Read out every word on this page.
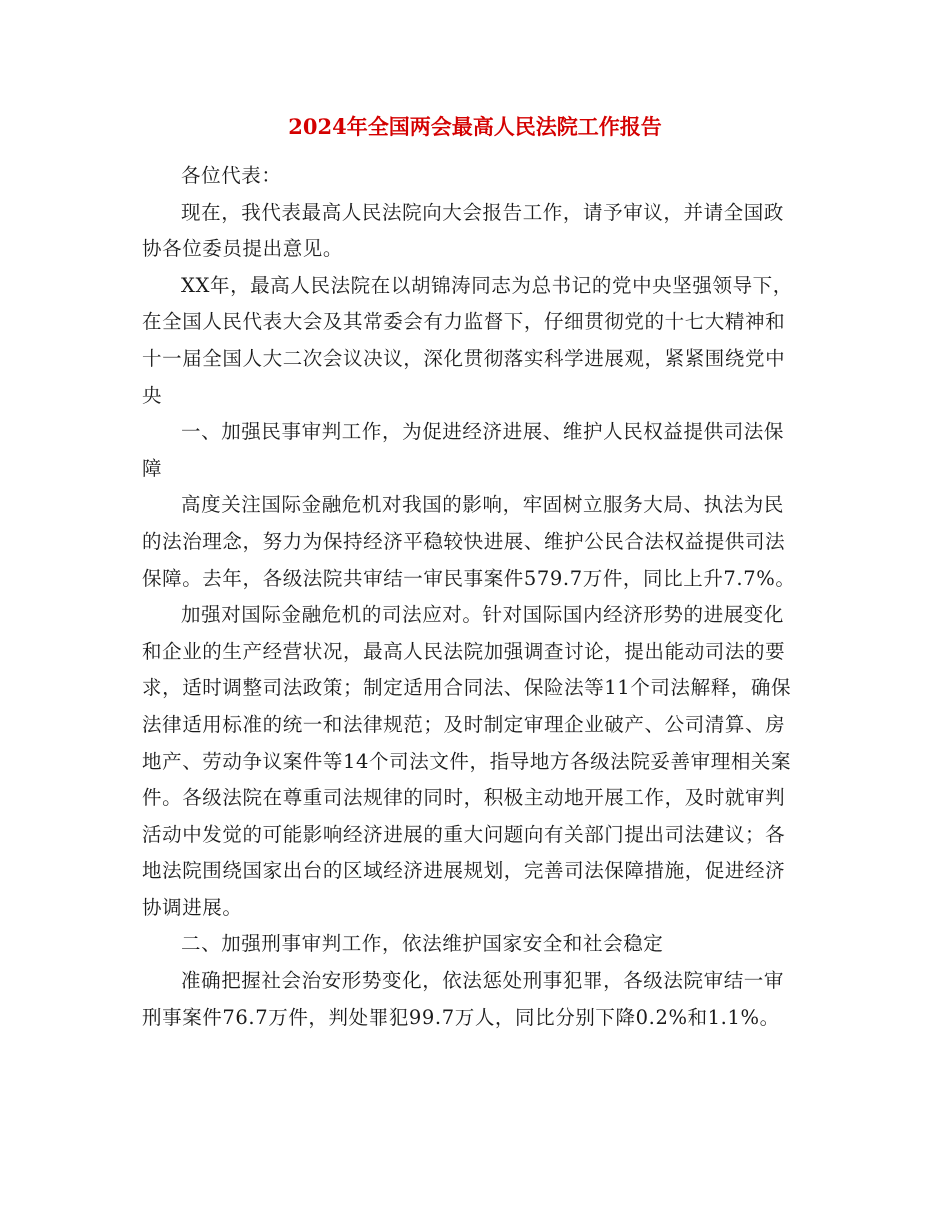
2024年全国两会最高人民法院工作报告

各位代表：

现在，我代表最高人民法院向大会报告工作，请予审议，并请全国政协各位委员提出意见。

XX年，最高人民法院在以胡锦涛同志为总书记的党中央坚强领导下，在全国人民代表大会及其常委会有力监督下，仔细贯彻党的十七大精神和十一届全国人大二次会议决议，深化贯彻落实科学进展观，紧紧围绕党中央

一、加强民事审判工作，为促进经济进展、维护人民权益提供司法保障

高度关注国际金融危机对我国的影响，牢固树立服务大局、执法为民的法治理念，努力为保持经济平稳较快进展、维护公民合法权益提供司法保障。去年，各级法院共审结一审民事案件579.7万件，同比上升7.7%。

加强对国际金融危机的司法应对。针对国际国内经济形势的进展变化和企业的生产经营状况，最高人民法院加强调查讨论，提出能动司法的要求，适时调整司法政策；制定适用合同法、保险法等11个司法解释，确保法律适用标准的统一和法律规范；及时制定审理企业破产、公司清算、房地产、劳动争议案件等14个司法文件，指导地方各级法院妥善审理相关案件。各级法院在尊重司法规律的同时，积极主动地开展工作，及时就审判活动中发觉的可能影响经济进展的重大问题向有关部门提出司法建议；各地法院围绕国家出台的区域经济进展规划，完善司法保障措施，促进经济协调进展。

二、加强刑事审判工作，依法维护国家安全和社会稳定

准确把握社会治安形势变化，依法惩处刑事犯罪，各级法院审结一审刑事案件76.7万件，判处罪犯99.7万人，同比分别下降0.2%和1.1%。
